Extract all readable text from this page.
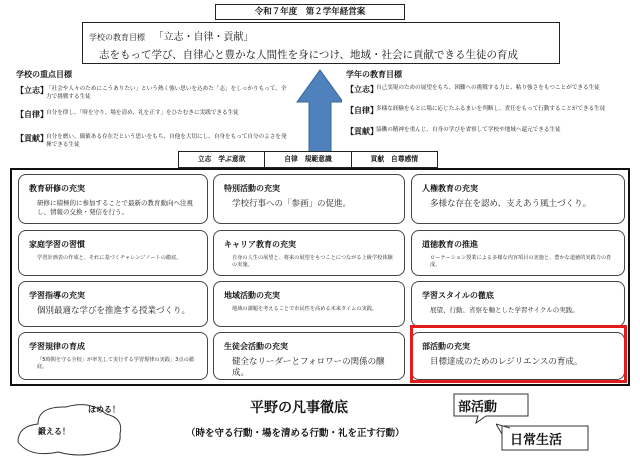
令和７年度　第２学年経営案
学校の教育目標 「立志・自律・貢献」
志をもって学び、自律心と豊かな人間性を身につけ、地域・社会に貢献できる生徒の育成
学校の重点目標
【立志】
「社会や人々のためにこうありたい」という熱く強い思いを込めた「志」をしっかりもって、全力で挑戦する生徒
【自律】
自分を律し、「時を守り、場を清め、礼を正す」をひたむきに実践できる生徒
【貢献】
自分を磨い、価値ある存在だという思いをもち、自他を大切にし、自身をもって自分のよさを発揮できる生徒
学年の教育目標
【立志】
自己実現のための展望をもち、困難への挑戦する力と、粘り強さをもつことができる生徒
【自律】
多様な経験をもとに場に応じたふるまいを判断し、責任をもって行動することができる生徒
【貢献】
協働の精神を重んじ、自身の学びを省察して学校や地域へ還元できる生徒
立志　学ぶ意欲	自律　規範意識	貢献　自尊感情
教育研修の充実
研修に積極的に参加することで最新の教育動向へ注視し、情報の交換・発信を行う。
特別活動の充実
学校行事への「参画」の促進。
人権教育の充実
多様な存在を認め、支えあう風土づくり。
家庭学習の習慣
学習計画表の作成と、それに基づくチャレンジノートの徹底。
キャリア教育の充実
自身の人生の展望と、将来の展望をもつことにつながる上級学校体験の実施。
道徳教育の推進
ローテーション授業による多様な内容項目の実施と、豊かな道徳的実践力の育成。
学習指導の充実
個別最適な学びを推進する授業づくり。
地域活動の充実
地域の課題を考えることで市民性を高める未来タイムの実践。
学習スタイルの徹底
展望、行動、省察を軸とした学習サイクルの実践。
学習規律の育成
「5時間を守る全校」が率先して実行する学習規律の実践」3点の徹底。
生徒会活動の充実
健全なリーダーとフォロワーの関係の醸成。
部活動の充実
目標達成のためのレジリエンスの育成。
平野の凡事徹底
（時を守る行動・場を清める行動・礼を正す行動）
ほめる！
鍛える！
部活動
日常生活
